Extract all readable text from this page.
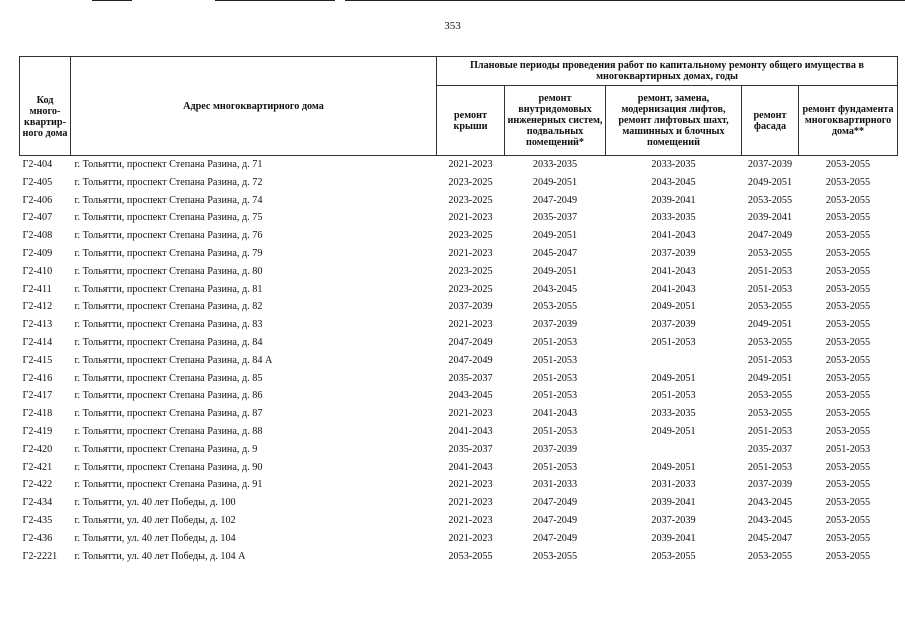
353
Код много-квартир-ного дома	Адрес многоквартирного дома	Плановые периоды проведения работ по капитальному ремонту общего имущества в многоквартирных домах, годы				
		ремонт крыши	ремонт внутридомовых инженерных систем, подвальных помещений*	ремонт, замена, модернизация лифтов, ремонт лифтовых шахт, машинных и блочных помещений	ремонт фасада	ремонт фундамента многоквартирного дома**
Г2-404	г. Тольятти, проспект Степана Разина, д. 71	2021-2023	2033-2035	2033-2035	2037-2039	2053-2055
Г2-405	г. Тольятти, проспект Степана Разина, д. 72	2023-2025	2049-2051	2043-2045	2049-2051	2053-2055
Г2-406	г. Тольятти, проспект Степана Разина, д. 74	2023-2025	2047-2049	2039-2041	2053-2055	2053-2055
Г2-407	г. Тольятти, проспект Степана Разина, д. 75	2021-2023	2035-2037	2033-2035	2039-2041	2053-2055
Г2-408	г. Тольятти, проспект Степана Разина, д. 76	2023-2025	2049-2051	2041-2043	2047-2049	2053-2055
Г2-409	г. Тольятти, проспект Степана Разина, д. 79	2021-2023	2045-2047	2037-2039	2053-2055	2053-2055
Г2-410	г. Тольятти, проспект Степана Разина, д. 80	2023-2025	2049-2051	2041-2043	2051-2053	2053-2055
Г2-411	г. Тольятти, проспект Степана Разина, д. 81	2023-2025	2043-2045	2041-2043	2051-2053	2053-2055
Г2-412	г. Тольятти, проспект Степана Разина, д. 82	2037-2039	2053-2055	2049-2051	2053-2055	2053-2055
Г2-413	г. Тольятти, проспект Степана Разина, д. 83	2021-2023	2037-2039	2037-2039	2049-2051	2053-2055
Г2-414	г. Тольятти, проспект Степана Разина, д. 84	2047-2049	2051-2053	2051-2053	2053-2055	2053-2055
Г2-415	г. Тольятти, проспект Степана Разина, д. 84 А	2047-2049	2051-2053		2051-2053	2053-2055
Г2-416	г. Тольятти, проспект Степана Разина, д. 85	2035-2037	2051-2053	2049-2051	2049-2051	2053-2055
Г2-417	г. Тольятти, проспект Степана Разина, д. 86	2043-2045	2051-2053	2051-2053	2053-2055	2053-2055
Г2-418	г. Тольятти, проспект Степана Разина, д. 87	2021-2023	2041-2043	2033-2035	2053-2055	2053-2055
Г2-419	г. Тольятти, проспект Степана Разина, д. 88	2041-2043	2051-2053	2049-2051	2051-2053	2053-2055
Г2-420	г. Тольятти, проспект Степана Разина, д. 9	2035-2037	2037-2039		2035-2037	2051-2053
Г2-421	г. Тольятти, проспект Степана Разина, д. 90	2041-2043	2051-2053	2049-2051	2051-2053	2053-2055
Г2-422	г. Тольятти, проспект Степана Разина, д. 91	2021-2023	2031-2033	2031-2033	2037-2039	2053-2055
Г2-434	г. Тольятти, ул. 40 лет Победы, д. 100	2021-2023	2047-2049	2039-2041	2043-2045	2053-2055
Г2-435	г. Тольятти, ул. 40 лет Победы, д. 102	2021-2023	2047-2049	2037-2039	2043-2045	2053-2055
Г2-436	г. Тольятти, ул. 40 лет Победы, д. 104	2021-2023	2047-2049	2039-2041	2045-2047	2053-2055
Г2-2221	г. Тольятти, ул. 40 лет Победы, д. 104 А	2053-2055	2053-2055	2053-2055	2053-2055	2053-2055
